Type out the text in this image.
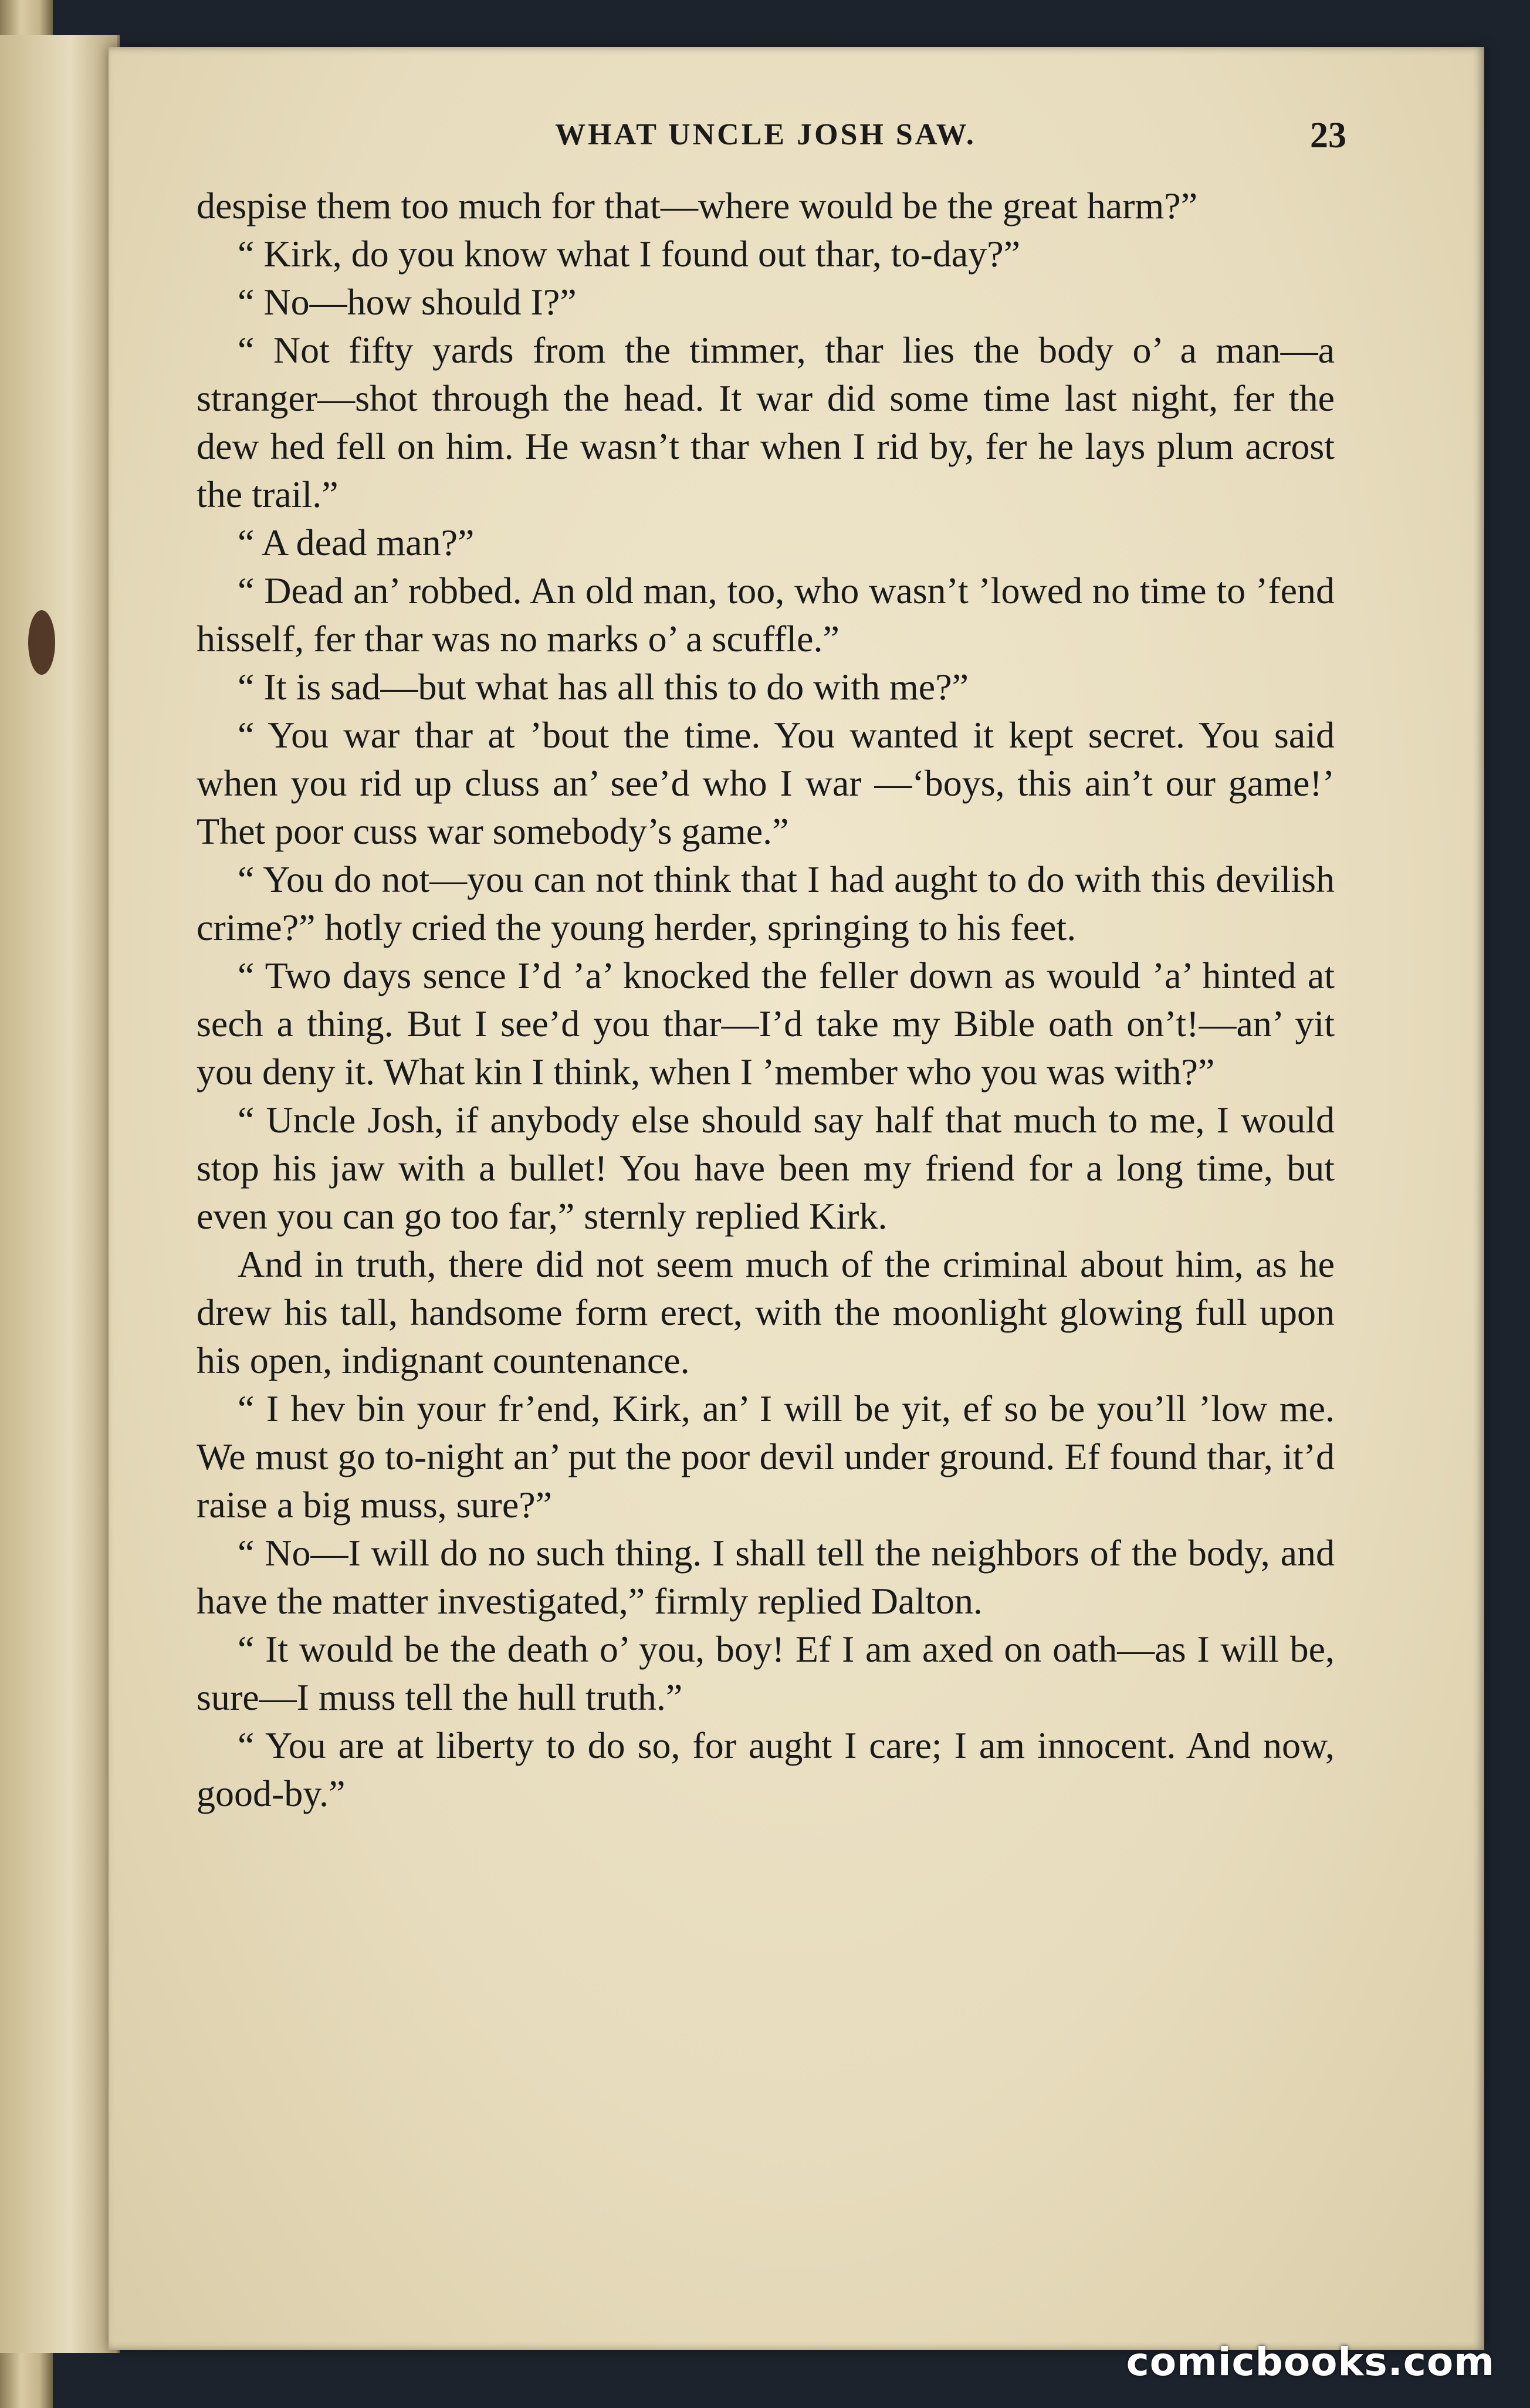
WHAT UNCLE JOSH SAW.	23

despise them too much for that—where would be the great harm?”

“ Kirk, do you know what I found out thar, to-day?”

“ No—how should I?”

“ Not fifty yards from the timmer, thar lies the body o’ a man—a stranger—shot through the head. It war did some time last night, fer the dew hed fell on him. He wasn’t thar when I rid by, fer he lays plum acrost the trail.”

“ A dead man?”

“ Dead an’ robbed. An old man, too, who wasn’t ’lowed no time to ’fend hisself, fer thar was no marks o’ a scuffle.”

“ It is sad—but what has all this to do with me?”

“ You war thar at ’bout the time. You wanted it kept secret. You said when you rid up cluss an’ see’d who I war —‘boys, this ain’t our game!’ Thet poor cuss war somebody’s game.”

“ You do not—you can not think that I had aught to do with this devilish crime?” hotly cried the young herder, springing to his feet.

“ Two days sence I’d ’a’ knocked the feller down as would ’a’ hinted at sech a thing. But I see’d you thar—I’d take my Bible oath on’t!—an’ yit you deny it. What kin I think, when I ’member who you was with?”

“ Uncle Josh, if anybody else should say half that much to me, I would stop his jaw with a bullet! You have been my friend for a long time, but even you can go too far,” sternly replied Kirk.

And in truth, there did not seem much of the criminal about him, as he drew his tall, handsome form erect, with the moonlight glowing full upon his open, indignant countenance.

“ I hev bin your fr’end, Kirk, an’ I will be yit, ef so be you’ll ’low me. We must go to-night an’ put the poor devil under ground. Ef found thar, it’d raise a big muss, sure?”

“ No—I will do no such thing. I shall tell the neighbors of the body, and have the matter investigated,” firmly replied Dalton.

“ It would be the death o’ you, boy! Ef I am axed on oath—as I will be, sure—I muss tell the hull truth.”

“ You are at liberty to do so, for aught I care; I am innocent. And now, good-by.”

comicbooks.com
